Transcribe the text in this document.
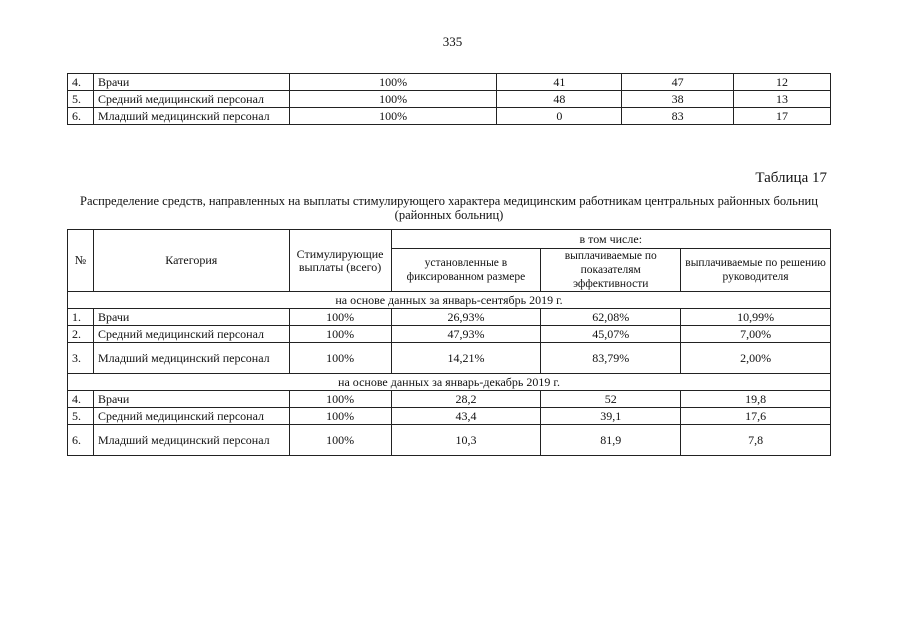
335
4.	Врачи	100%	41	47	12
5.	Средний медицинский персонал	100%	48	38	13
6.	Младший медицинский персонал	100%	0	83	17
Таблица 17
Распределение средств, направленных на выплаты стимулирующего характера медицинским работникам центральных районных больниц (районных больниц)
№	Категория	Стимулирующие выплаты (всего)	в том числе:		
			установленные в фиксированном размере	выплачиваемые по показателям эффективности	выплачиваемые по решению руководителя
на основе данных за январь-сентябрь 2019 г.					
1.	Врачи	100%	26,93%	62,08%	10,99%
2.	Средний медицинский персонал	100%	47,93%	45,07%	7,00%
3.	Младший медицинский персонал	100%	14,21%	83,79%	2,00%
на основе данных за январь-декабрь 2019 г.					
4.	Врачи	100%	28,2	52	19,8
5.	Средний медицинский персонал	100%	43,4	39,1	17,6
6.	Младший медицинский персонал	100%	10,3	81,9	7,8
